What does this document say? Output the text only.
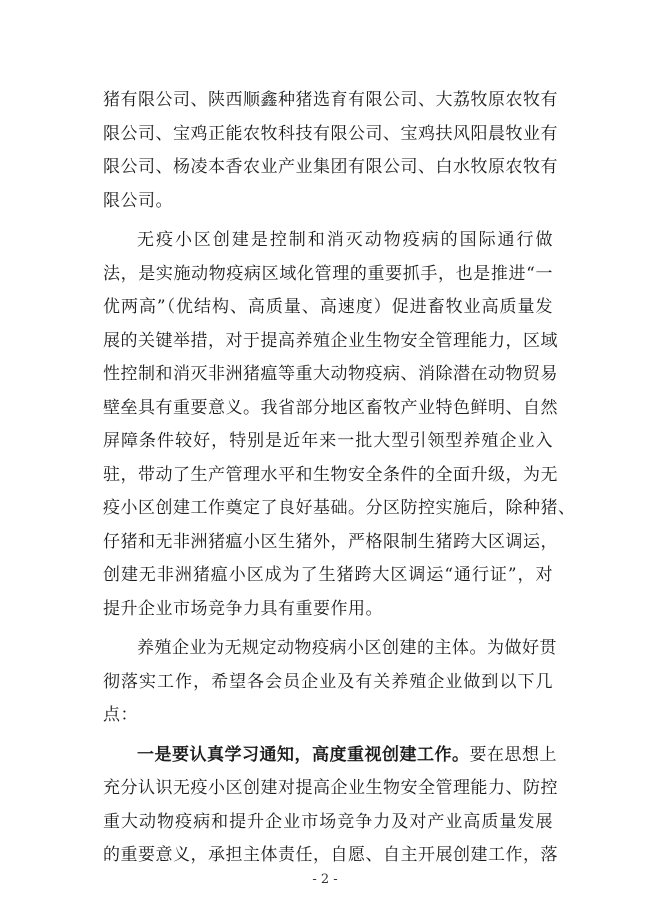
猪有限公司、陕西顺鑫种猪选育有限公司、大荔牧原农牧有
限公司、宝鸡正能农牧科技有限公司、宝鸡扶风阳晨牧业有
限公司、杨凌本香农业产业集团有限公司、白水牧原农牧有
限公司。
无疫小区创建是控制和消灭动物疫病的国际通行做
法，是实施动物疫病区域化管理的重要抓手，也是推进“一
优两高”（优结构、高质量、高速度）促进畜牧业高质量发
展的关键举措，对于提高养殖企业生物安全管理能力，区域
性控制和消灭非洲猪瘟等重大动物疫病、消除潜在动物贸易
壁垒具有重要意义。我省部分地区畜牧产业特色鲜明、自然
屏障条件较好，特别是近年来一批大型引领型养殖企业入
驻，带动了生产管理水平和生物安全条件的全面升级，为无
疫小区创建工作奠定了良好基础。分区防控实施后，除种猪、
仔猪和无非洲猪瘟小区生猪外，严格限制生猪跨大区调运，
创建无非洲猪瘟小区成为了生猪跨大区调运“通行证”，对
提升企业市场竞争力具有重要作用。
养殖企业为无规定动物疫病小区创建的主体。为做好贯
彻落实工作，希望各会员企业及有关养殖企业做到以下几
点：
一是要认真学习通知，高度重视创建工作。要在思想上
充分认识无疫小区创建对提高企业生物安全管理能力、防控
重大动物疫病和提升企业市场竞争力及对产业高质量发展
的重要意义，承担主体责任，自愿、自主开展创建工作，落
- 2 -
